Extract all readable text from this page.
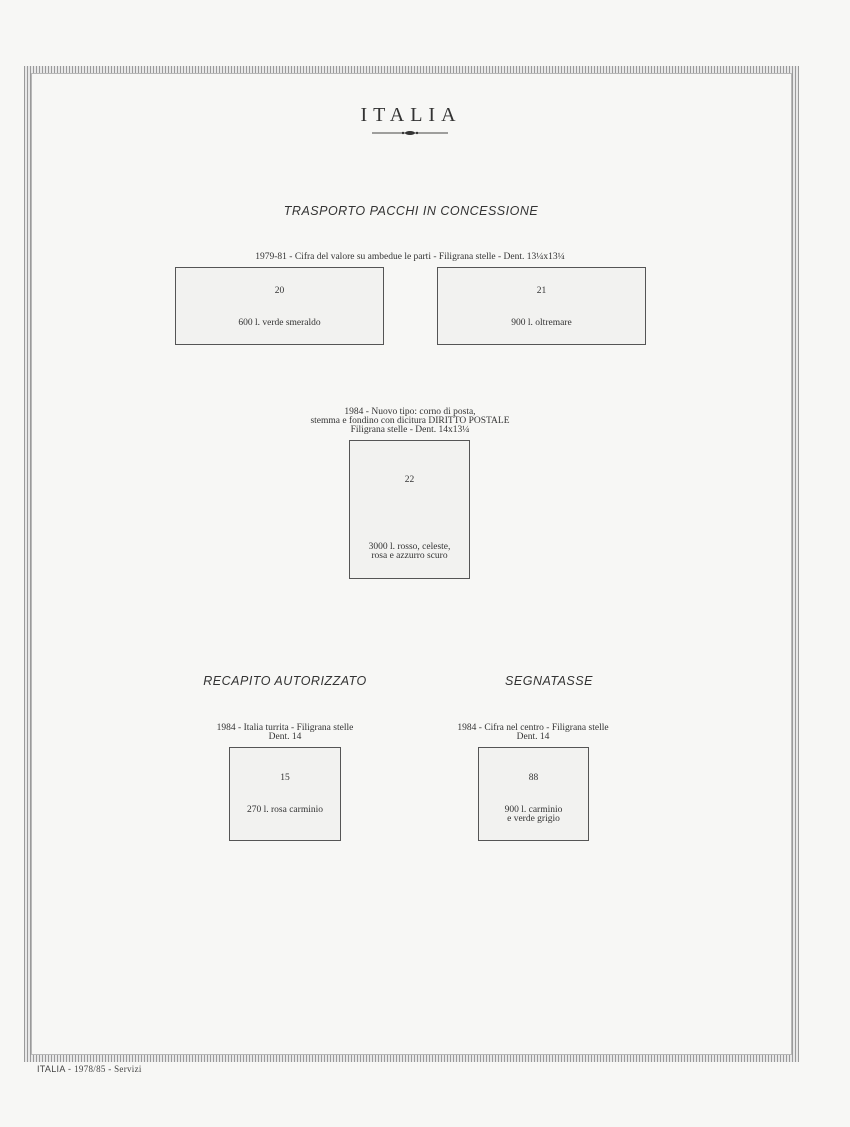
ITALIA
TRASPORTO PACCHI IN CONCESSIONE
1979-81 - Cifra del valore su ambedue le parti - Filigrana stelle - Dent. 13¼x13¼
20
600 l. verde smeraldo
21
900 l. oltremare
1984 - Nuovo tipo: corno di posta,
stemma e fondino con dicitura DIRITTO POSTALE
Filigrana stelle - Dent. 14x13¼
22
3000 l. rosso, celeste,
rosa e azzurro scuro
RECAPITO AUTORIZZATO
1984 - Italia turrita - Filigrana stelle
Dent. 14
15
270 l. rosa carminio
SEGNATASSE
1984 - Cifra nel centro - Filigrana stelle
Dent. 14
88
900 l. carminio
e verde grigio
ITALIA - 1978/85 - Servizi
